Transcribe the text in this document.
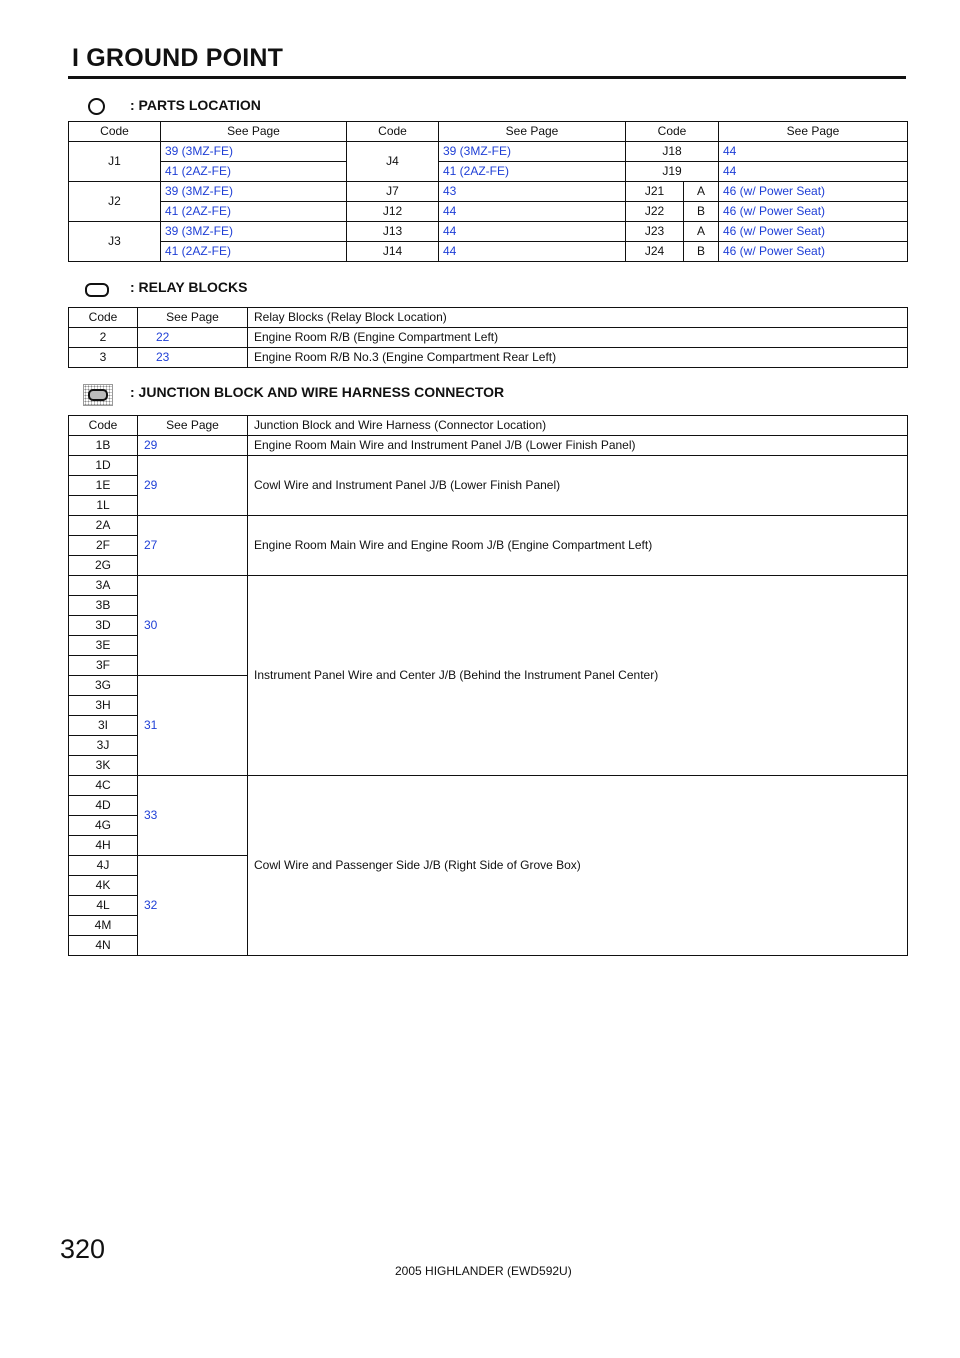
I GROUND POINT
: PARTS LOCATION
Code	See Page	Code	See Page	Code		See Page
J1	39 (3MZ-FE)	J4	39 (3MZ-FE)	J18		44
	41 (2AZ-FE)		41 (2AZ-FE)	J19		44
J2	39 (3MZ-FE)	J7	43	J21	A	46 (w/ Power Seat)
	41 (2AZ-FE)	J12	44	J22	B	46 (w/ Power Seat)
J3	39 (3MZ-FE)	J13	44	J23	A	46 (w/ Power Seat)
	41 (2AZ-FE)	J14	44	J24	B	46 (w/ Power Seat)
: RELAY BLOCKS
Code	See Page	Relay Blocks (Relay Block Location)
2	22	Engine Room R/B (Engine Compartment Left)
3	23	Engine Room R/B No.3 (Engine Compartment Rear Left)
: JUNCTION BLOCK AND WIRE HARNESS CONNECTOR
Code	See Page	Junction Block and Wire Harness (Connector Location)
1B	29	Engine Room Main Wire and Instrument Panel J/B (Lower Finish Panel)
1D	29	Cowl Wire and Instrument Panel J/B (Lower Finish Panel)
1E		
1L		
2A	27	Engine Room Main Wire and Engine Room J/B (Engine Compartment Left)
2F		
2G		
3A	30	Instrument Panel Wire and Center J/B (Behind the Instrument Panel Center)
3B		
3D		
3E		
3F		
3G	31	
3H		
3I		
3J		
3K		
4C	33	Cowl Wire and Passenger Side J/B (Right Side of Grove Box)
4D		
4G		
4H		
4J	32	
4K		
4L		
4M		
4N		
320
2005 HIGHLANDER (EWD592U)
